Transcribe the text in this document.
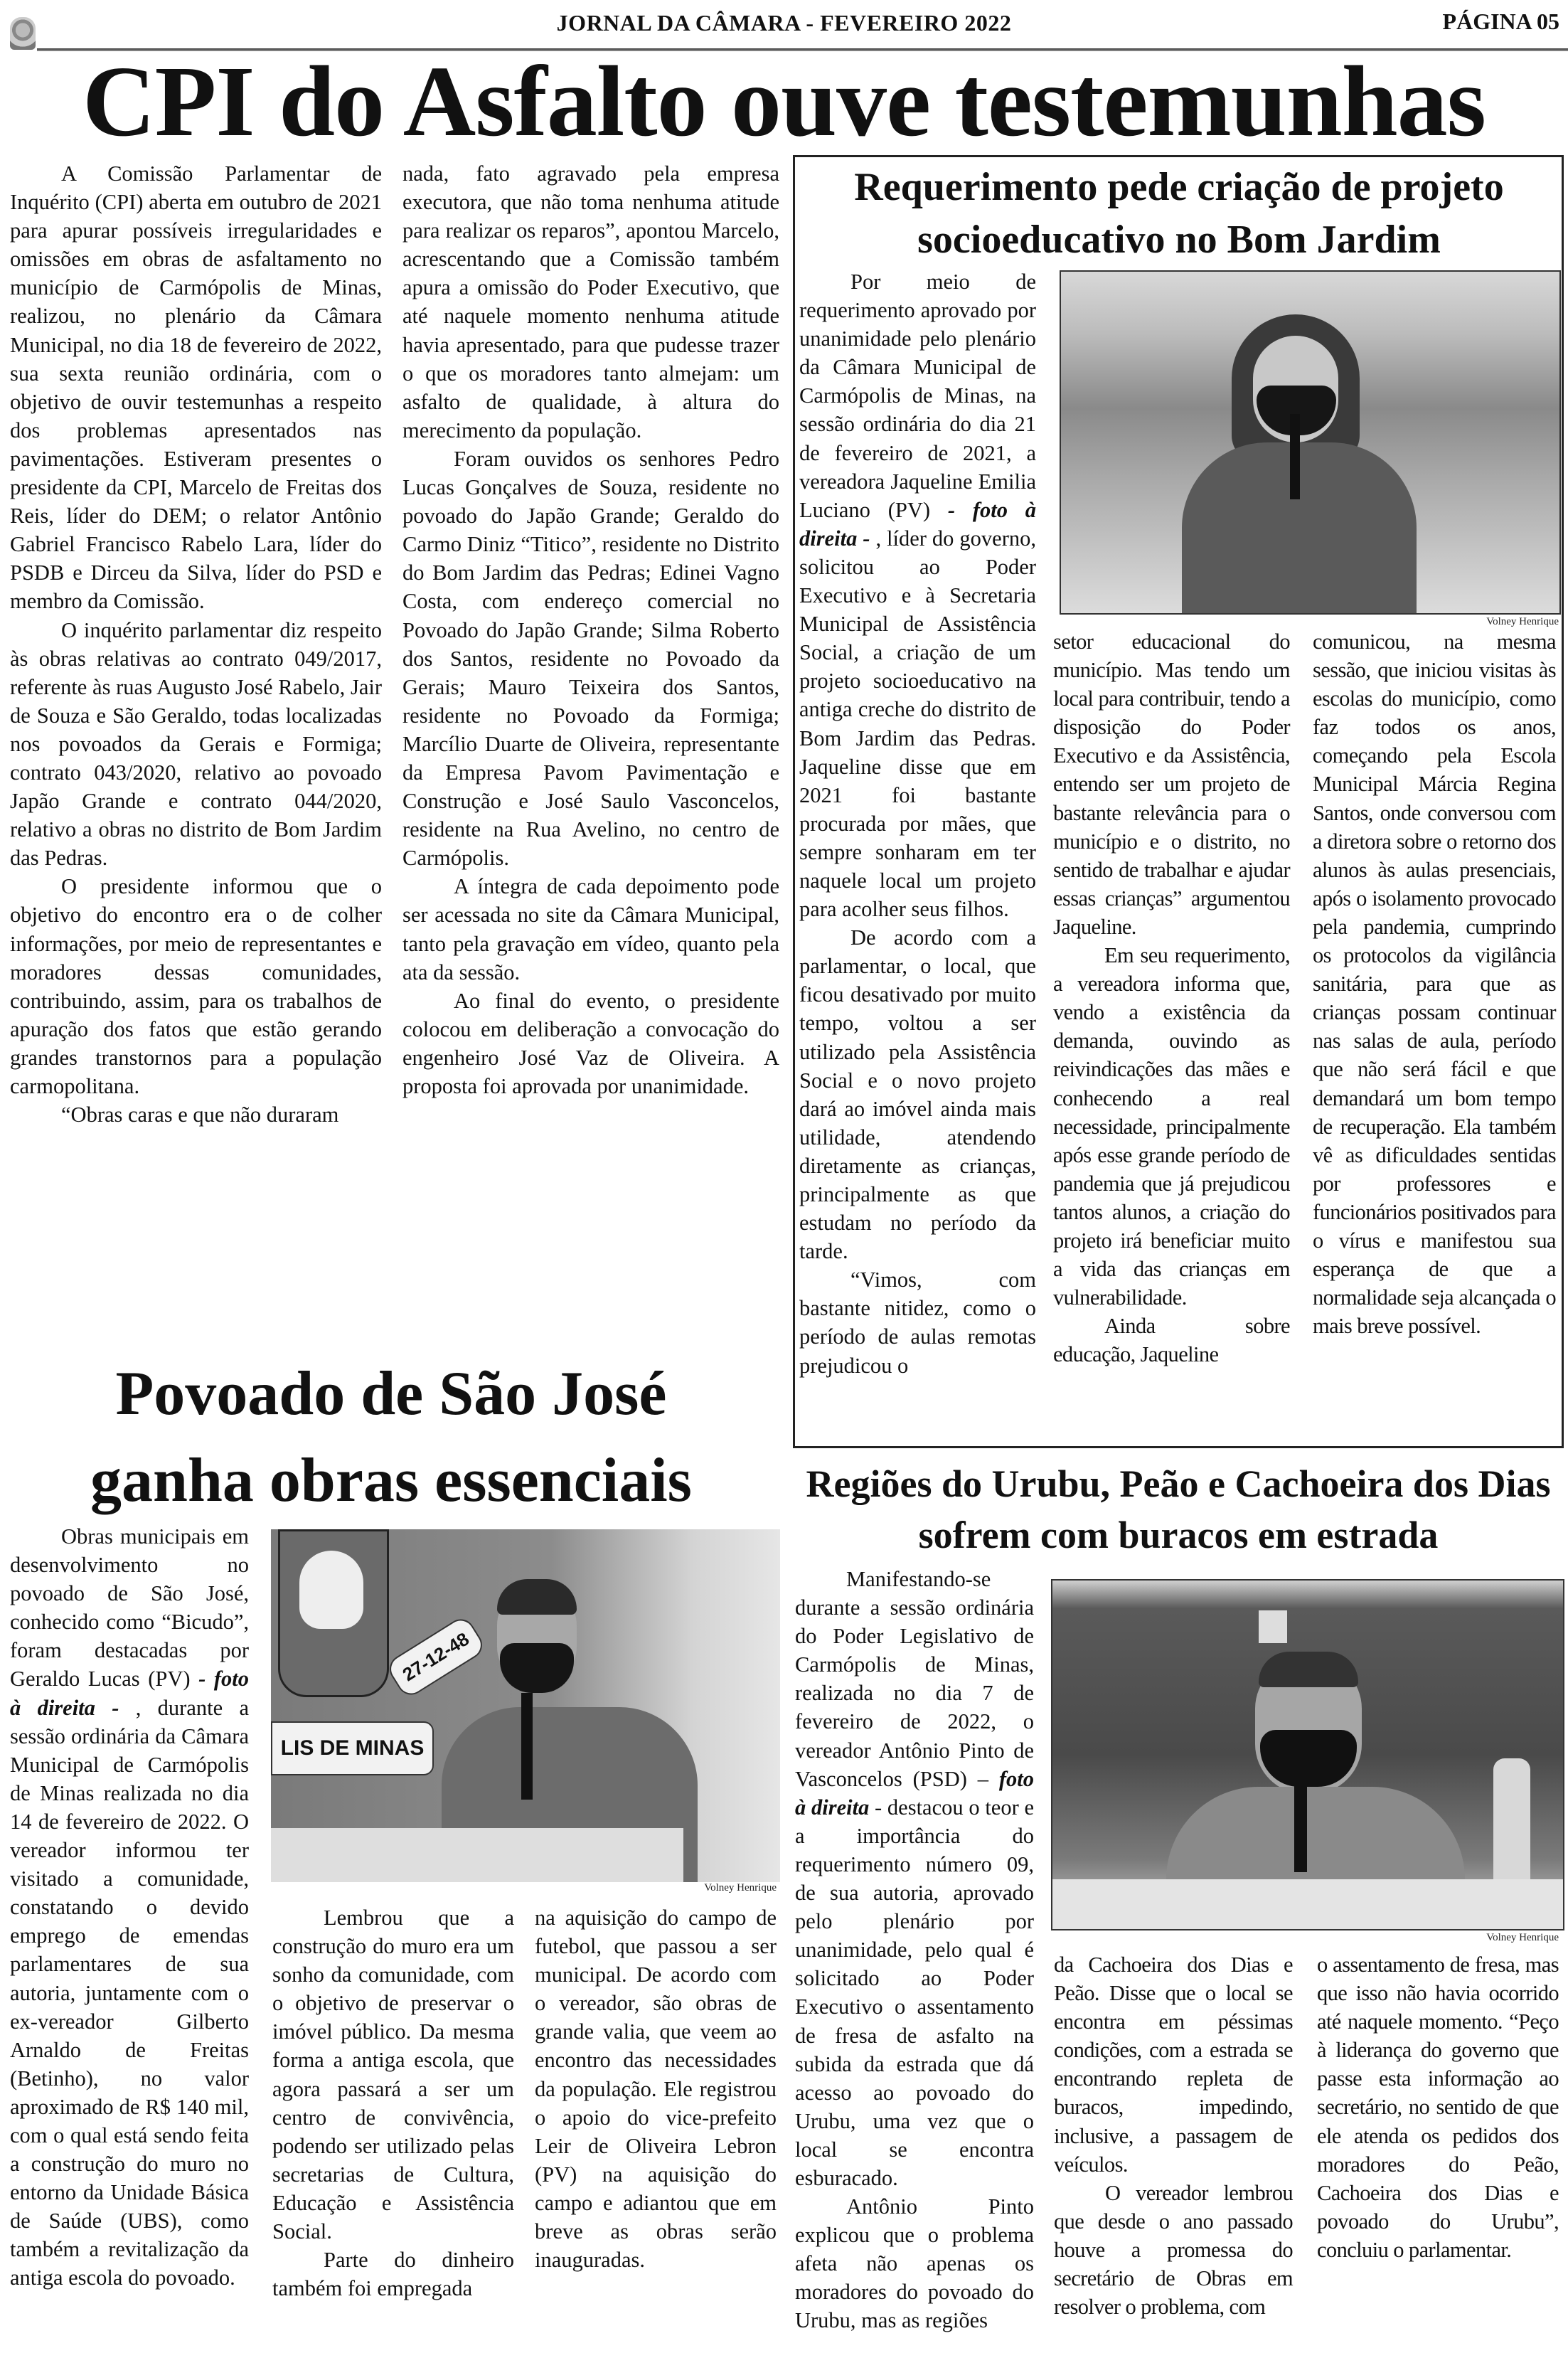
JORNAL DA CÂMARA - FEVEREIRO 2022	PÁGINA 05
CPI do Asfalto ouve testemunhas

A Comissão Parlamentar de Inquérito (CPI) aberta em outubro de 2021 para apurar possíveis irregularidades e omissões em obras de asfaltamento no município de Carmópolis de Minas, realizou, no plenário da Câmara Municipal, no dia 18 de fevereiro de 2022, sua sexta reunião ordinária, com o objetivo de ouvir testemunhas a respeito dos problemas apresentados nas pavimentações. Estiveram presentes o presidente da CPI, Marcelo de Freitas dos Reis, líder do DEM; o relator Antônio Gabriel Francisco Rabelo Lara, líder do PSDB e Dirceu da Silva, líder do PSD e membro da Comissão.

O inquérito parlamentar diz respeito às obras relativas ao contrato 049/2017, referente às ruas Augusto José Rabelo, Jair de Souza e São Geraldo, todas localizadas nos povoados da Gerais e Formiga; contrato 043/2020, relativo ao povoado Japão Grande e contrato 044/2020, relativo a obras no distrito de Bom Jardim das Pedras.

O presidente informou que o objetivo do encontro era o de colher informações, por meio de representantes e moradores dessas comunidades, contribuindo, assim, para os trabalhos de apuração dos fatos que estão gerando grandes transtornos para a população carmopolitana.

“Obras caras e que não duraram

nada, fato agravado pela empresa executora, que não toma nenhuma atitude para realizar os reparos”, apontou Marcelo, acrescentando que a Comissão também apura a omissão do Poder Executivo, que até naquele momento nenhuma atitude havia apresentado, para que pudesse trazer o que os moradores tanto almejam: um asfalto de qualidade, à altura do merecimento da população.

Foram ouvidos os senhores Pedro Lucas Gonçalves de Souza, residente no povoado do Japão Grande; Geraldo do Carmo Diniz “Titico”, residente no Distrito do Bom Jardim das Pedras; Edinei Vagno Costa, com endereço comercial no Povoado do Japão Grande; Silma Roberto dos Santos, residente no Povoado da Gerais; Mauro Teixeira dos Santos, residente no Povoado da Formiga; Marcílio Duarte de Oliveira, representante da Empresa Pavom Pavimentação e Construção e José Saulo Vasconcelos, residente na Rua Avelino, no centro de Carmópolis.

A íntegra de cada depoimento pode ser acessada no site da Câmara Municipal, tanto pela gravação em vídeo, quanto pela ata da sessão.

Ao final do evento, o presidente colocou em deliberação a convocação do engenheiro José Vaz de Oliveira. A proposta foi aprovada por unanimidade.

Requerimento pede criação de projeto socioeducativo no Bom Jardim
Volney Henrique

Por meio de requerimento aprovado por unanimidade pelo plenário da Câmara Municipal de Carmópolis de Minas, na sessão ordinária do dia 21 de fevereiro de 2021, a vereadora Jaqueline Emilia Luciano (PV) - foto à direita - , líder do governo, solicitou ao Poder Executivo e à Secretaria Municipal de Assistência Social, a criação de um projeto socioeducativo na antiga creche do distrito de Bom Jardim das Pedras. Jaqueline disse que em 2021 foi bastante procurada por mães, que sempre sonharam em ter naquele local um projeto para acolher seus filhos.

De acordo com a parlamentar, o local, que ficou desativado por muito tempo, voltou a ser utilizado pela Assistência Social e o novo projeto dará ao imóvel ainda mais utilidade, atendendo diretamente as crianças, principalmente as que estudam no período da tarde.

“Vimos, com bastante nitidez, como o período de aulas remotas prejudicou o

setor educacional do município. Mas tendo um local para contribuir, tendo a disposição do Poder Executivo e da Assistência, entendo ser um projeto de bastante relevância para o município e o distrito, no sentido de trabalhar e ajudar essas crianças” argumentou Jaqueline.

Em seu requerimento, a vereadora informa que, vendo a existência da demanda, ouvindo as reivindicações das mães e conhecendo a real necessidade, principalmente após esse grande período de pandemia que já prejudicou tantos alunos, a criação do projeto irá beneficiar muito a vida das crianças em vulnerabilidade.

Ainda sobre educação, Jaqueline

comunicou, na mesma sessão, que iniciou visitas às escolas do município, como faz todos os anos, começando pela Escola Municipal Márcia Regina Santos, onde conversou com a diretora sobre o retorno dos alunos às aulas presenciais, após o isolamento provocado pela pandemia, cumprindo os protocolos da vigilância sanitária, para que as crianças possam continuar nas salas de aula, período que não será fácil e que demandará um bom tempo de recuperação. Ela também vê as dificuldades sentidas por professores e funcionários positivados para o vírus e manifestou sua esperança de que a normalidade seja alcançada o mais breve possível.

Povoado de São José
ganha obras essenciais

Obras municipais em desenvolvimento no povoado de São José, conhecido como “Bicudo”, foram destacadas por Geraldo Lucas (PV) - foto à direita - , durante a sessão ordinária da Câmara Municipal de Carmópolis de Minas realizada no dia 14 de fevereiro de 2022. O vereador informou ter visitado a comunidade, constatando o devido emprego de emendas parlamentares de sua autoria, juntamente com o ex-vereador Gilberto Arnaldo de Freitas (Betinho), no valor aproximado de R$ 140 mil, com o qual está sendo feita a construção do muro no entorno da Unidade Básica de Saúde (UBS), como também a revitalização da antiga escola do povoado.

27-12-48
LIS DE MINAS
Volney Henrique

Lembrou que a construção do muro era um sonho da comunidade, com o objetivo de preservar o imóvel público. Da mesma forma a antiga escola, que agora passará a ser um centro de convivência, podendo ser utilizado pelas secretarias de Cultura, Educação e Assistência Social.

Parte do dinheiro também foi empregada

na aquisição do campo de futebol, que passou a ser municipal. De acordo com o vereador, são obras de grande valia, que veem ao encontro das necessidades da população. Ele registrou o apoio do vice-prefeito Leir de Oliveira Lebron (PV) na aquisição do campo e adiantou que em breve as obras serão inauguradas.

Regiões do Urubu, Peão e Cachoeira dos Dias sofrem com buracos em estrada

Manifestando-se durante a sessão ordinária do Poder Legislativo de Carmópolis de Minas, realizada no dia 7 de fevereiro de 2022, o vereador Antônio Pinto de Vasconcelos (PSD) – foto à direita - destacou o teor e a importância do requerimento número 09, de sua autoria, aprovado pelo plenário por unanimidade, pelo qual é solicitado ao Poder Executivo o assentamento de fresa de asfalto na subida da estrada que dá acesso ao povoado do Urubu, uma vez que o local se encontra esburacado.

Antônio Pinto explicou que o problema afeta não apenas os moradores do povoado do Urubu, mas as regiões

Volney Henrique

da Cachoeira dos Dias e Peão. Disse que o local se encontra em péssimas condições, com a estrada se encontrando repleta de buracos, impedindo, inclusive, a passagem de veículos.

O vereador lembrou que desde o ano passado houve a promessa do secretário de Obras em resolver o problema, com

o assentamento de fresa, mas que isso não havia ocorrido até naquele momento. “Peço à liderança do governo que passe esta informação ao secretário, no sentido de que ele atenda os pedidos dos moradores do Peão, Cachoeira dos Dias e povoado do Urubu”, concluiu o parlamentar.
